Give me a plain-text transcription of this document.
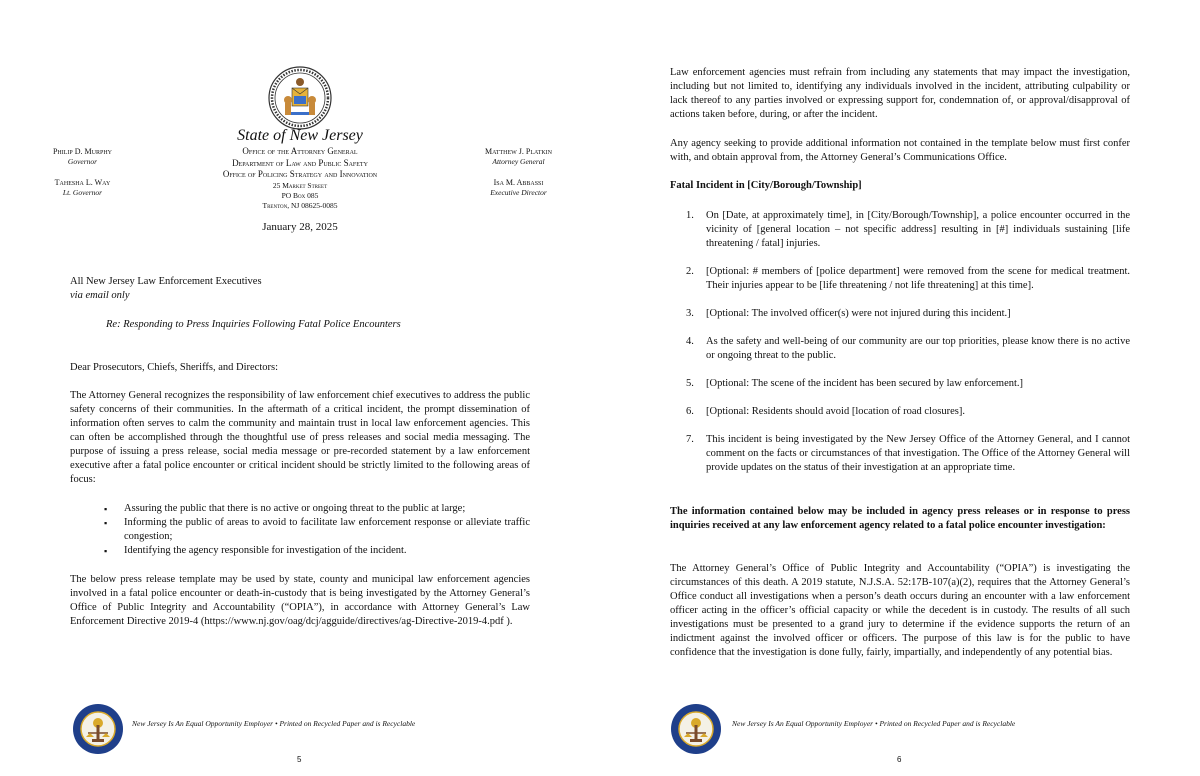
State of New Jersey
Office of the Attorney General
Department of Law and Public Safety
Office of Policing Strategy and Innovation
25 Market Street
PO Box 085
Trenton, NJ 08625-0085
Philip D. Murphy
Governor
Tahesha L. Way
Lt. Governor
Matthew J. Platkin
Attorney General
Isa M. Abbassi
Executive Director
January 28, 2025
All New Jersey Law Enforcement Executives
via email only
Re: Responding to Press Inquiries Following Fatal Police Encounters
Dear Prosecutors, Chiefs, Sheriffs, and Directors:
The Attorney General recognizes the responsibility of law enforcement chief executives to address the public safety concerns of their communities. In the aftermath of a critical incident, the prompt dissemination of information often serves to calm the community and maintain trust in local law enforcement agencies. This can often be accomplished through the thoughtful use of press releases and social media messaging. The purpose of issuing a press release, social media message or pre-recorded statement by a law enforcement executive after a fatal police encounter or critical incident should be strictly limited to the following areas of focus:
▪ Assuring the public that there is no active or ongoing threat to the public at large;
▪ Informing the public of areas to avoid to facilitate law enforcement response or alleviate traffic congestion;
▪ Identifying the agency responsible for investigation of the incident.
The below press release template may be used by state, county and municipal law enforcement agencies involved in a fatal police encounter or death-in-custody that is being investigated by the Attorney General’s Office of Public Integrity and Accountability (“OPIA”), in accordance with Attorney General’s Law Enforcement Directive 2019-4 (https://www.nj.gov/oag/dcj/agguide/directives/ag-Directive-2019-4.pdf ).
New Jersey Is An Equal Opportunity Employer • Printed on Recycled Paper and is Recyclable
5
Law enforcement agencies must refrain from including any statements that may impact the investigation, including but not limited to, identifying any individuals involved in the incident, attributing culpability or lack thereof to any parties involved or expressing support for, condemnation of, or approval/disapproval of actions taken before, during, or after the incident.
Any agency seeking to provide additional information not contained in the template below must first confer with, and obtain approval from, the Attorney General’s Communications Office.
Fatal Incident in [City/Borough/Township]
1. On [Date, at approximately time], in [City/Borough/Township], a police encounter occurred in the vicinity of [general location – not specific address] resulting in [#] individuals sustaining [life threatening / fatal] injuries.
2. [Optional: # members of [police department] were removed from the scene for medical treatment. Their injuries appear to be [life threatening / not life threatening] at this time].
3. [Optional: The involved officer(s) were not injured during this incident.]
4. As the safety and well-being of our community are our top priorities, please know there is no active or ongoing threat to the public.
5. [Optional: The scene of the incident has been secured by law enforcement.]
6. [Optional: Residents should avoid [location of road closures].
7. This incident is being investigated by the New Jersey Office of the Attorney General, and I cannot comment on the facts or circumstances of that investigation. The Office of the Attorney General will provide updates on the status of their investigation at an appropriate time.
The information contained below may be included in agency press releases or in response to press inquiries received at any law enforcement agency related to a fatal police encounter investigation:
The Attorney General’s Office of Public Integrity and Accountability (“OPIA”) is investigating the circumstances of this death. A 2019 statute, N.J.S.A. 52:17B-107(a)(2), requires that the Attorney General’s Office conduct all investigations when a person’s death occurs during an encounter with a law enforcement officer acting in the officer’s official capacity or while the decedent is in custody. The results of all such investigations must be presented to a grand jury to determine if the evidence supports the return of an indictment against the involved officer or officers. The purpose of this law is for the public to have confidence that the investigation is done fully, fairly, impartially, and independently of any potential bias.
New Jersey Is An Equal Opportunity Employer • Printed on Recycled Paper and is Recyclable
6
